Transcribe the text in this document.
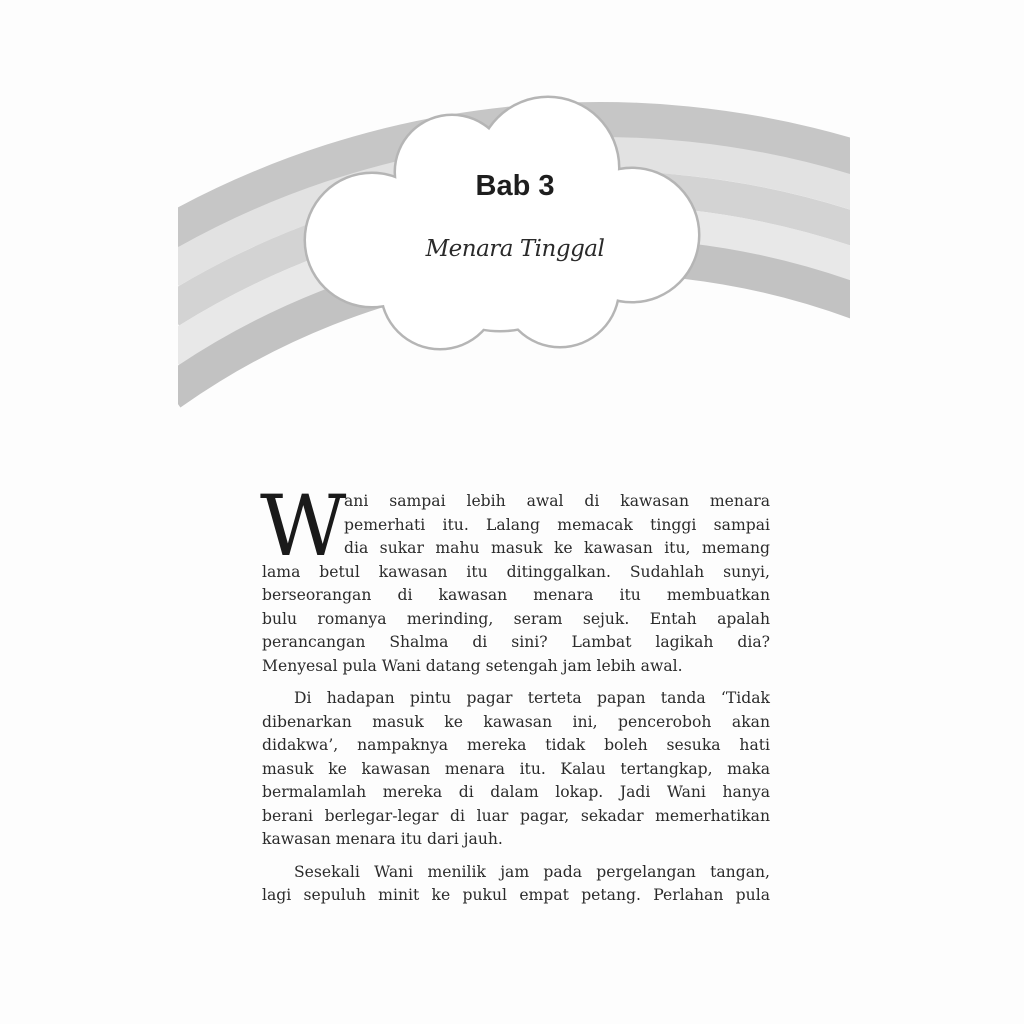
Bab 3
Menara Tinggal
W
ani sampai lebih awal di kawasan menara
pemerhati itu. Lalang memacak tinggi sampai
dia sukar mahu masuk ke kawasan itu, memang
lama betul kawasan itu ditinggalkan. Sudahlah sunyi,
berseorangan di kawasan menara itu membuatkan
bulu romanya merinding, seram sejuk. Entah apalah
perancangan Shalma di sini? Lambat lagikah dia?
Menyesal pula Wani datang setengah jam lebih awal.
Di hadapan pintu pagar terteta papan tanda ‘Tidak
dibenarkan masuk ke kawasan ini, penceroboh akan
didakwa’, nampaknya mereka tidak boleh sesuka hati
masuk ke kawasan menara itu. Kalau tertangkap, maka
bermalamlah mereka di dalam lokap. Jadi Wani hanya
berani berlegar-legar di luar pagar, sekadar memerhatikan
kawasan menara itu dari jauh.
Sesekali Wani menilik jam pada pergelangan tangan,
lagi sepuluh minit ke pukul empat petang. Perlahan pula
